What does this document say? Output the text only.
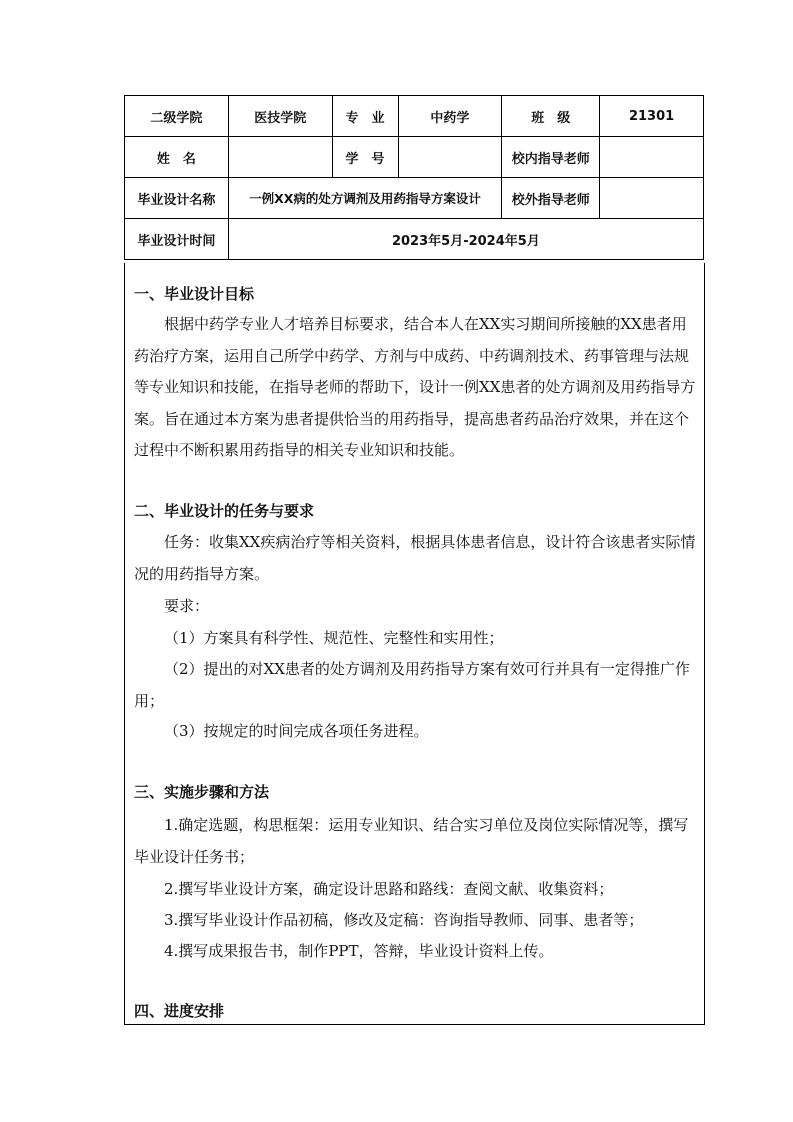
二级学院	医技学院	专　业	中药学	班　级	21301
姓　名		学　号		校内指导老师	
毕业设计名称	一例XX病的处方调剂及用药指导方案设计			校外指导老师	
毕业设计时间	2023年5月-2024年5月				
一、毕业设计目标

根据中药学专业人才培养目标要求，结合本人在XX实习期间所接触的XX患者用药治疗方案，运用自己所学中药学、方剂与中成药、中药调剂技术、药事管理与法规等专业知识和技能，在指导老师的帮助下，设计一例XX患者的处方调剂及用药指导方案。旨在通过本方案为患者提供恰当的用药指导，提高患者药品治疗效果，并在这个过程中不断积累用药指导的相关专业知识和技能。

二、毕业设计的任务与要求

任务：收集XX疾病治疗等相关资料，根据具体患者信息，设计符合该患者实际情况的用药指导方案。

要求：

（1）方案具有科学性、规范性、完整性和实用性；

（2）提出的对XX患者的处方调剂及用药指导方案有效可行并具有一定得推广作用；

（3）按规定的时间完成各项任务进程。

三、实施步骤和方法

1.确定选题，构思框架：运用专业知识、结合实习单位及岗位实际情况等，撰写毕业设计任务书；

2.撰写毕业设计方案，确定设计思路和路线：查阅文献、收集资料；

3.撰写毕业设计作品初稿，修改及定稿：咨询指导教师、同事、患者等；

4.撰写成果报告书，制作PPT，答辩，毕业设计资料上传。

四、进度安排
